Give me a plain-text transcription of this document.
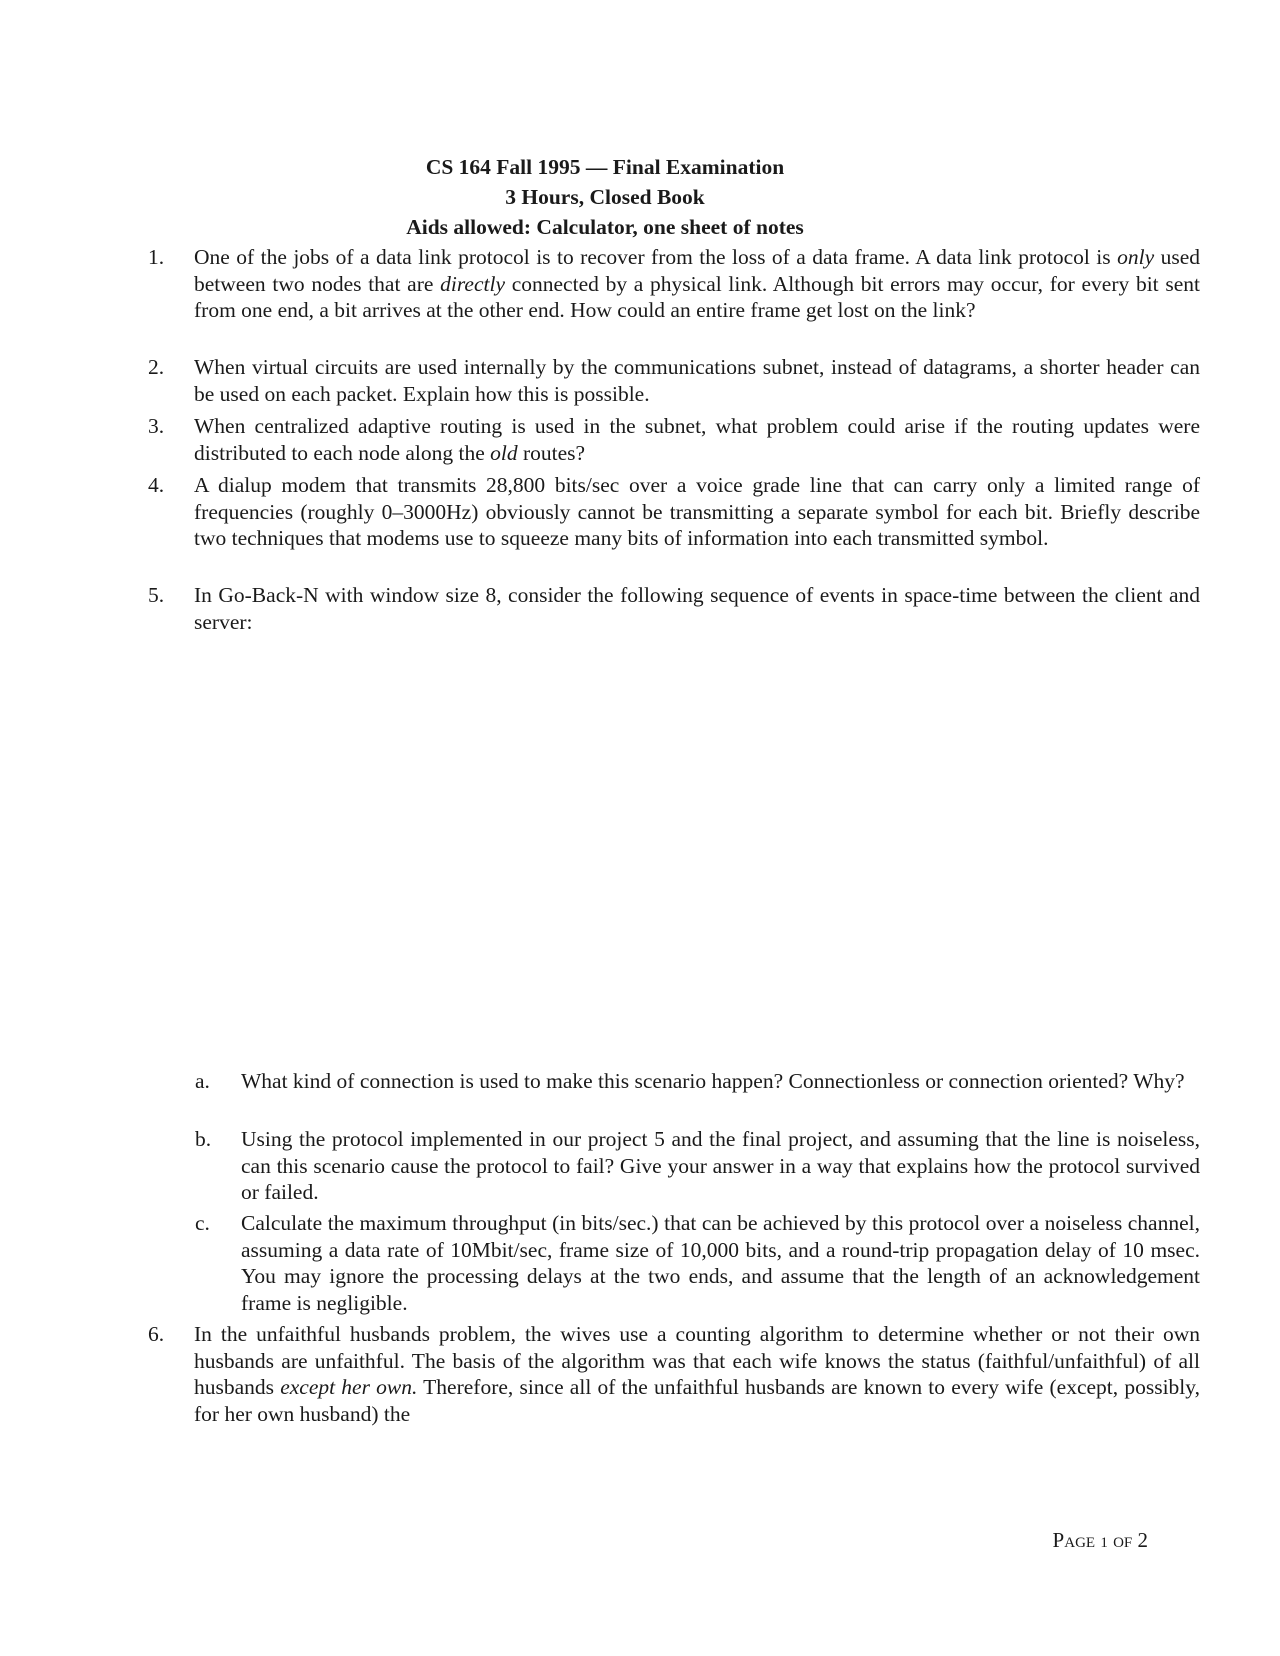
CS 164 Fall 1995 — Final Examination
3 Hours, Closed Book
Aids allowed: Calculator, one sheet of notes
1.	One of the jobs of a data link protocol is to recover from the loss of a data frame. A data link protocol is only used between two nodes that are directly connected by a physical link. Although bit errors may occur, for every bit sent from one end, a bit arrives at the other end. How could an entire frame get lost on the link?
2.	When virtual circuits are used internally by the communications subnet, instead of datagrams, a shorter header can be used on each packet. Explain how this is possible.
3.	When centralized adaptive routing is used in the subnet, what problem could arise if the routing updates were distributed to each node along the old routes?
4.	A dialup modem that transmits 28,800 bits/sec over a voice grade line that can carry only a limited range of frequencies (roughly 0–3000Hz) obviously cannot be transmitting a separate symbol for each bit. Briefly describe two techniques that modems use to squeeze many bits of information into each transmitted symbol.
5.	In Go-Back-N with window size 8, consider the following sequence of events in space-time between the client and server:
a.	What kind of connection is used to make this scenario happen? Connectionless or connection oriented? Why?
b.	Using the protocol implemented in our project 5 and the final project, and assuming that the line is noiseless, can this scenario cause the protocol to fail? Give your answer in a way that explains how the protocol survived or failed.
c.	Calculate the maximum throughput (in bits/sec.) that can be achieved by this protocol over a noiseless channel, assuming a data rate of 10Mbit/sec, frame size of 10,000 bits, and a round-trip propagation delay of 10 msec. You may ignore the processing delays at the two ends, and assume that the length of an acknowledgement frame is negligible.
6.	In the unfaithful husbands problem, the wives use a counting algorithm to determine whether or not their own husbands are unfaithful. The basis of the algorithm was that each wife knows the status (faithful/unfaithful) of all husbands except her own. Therefore, since all of the unfaithful husbands are known to every wife (except, possibly, for her own husband) the
PAGE 1 OF 2
